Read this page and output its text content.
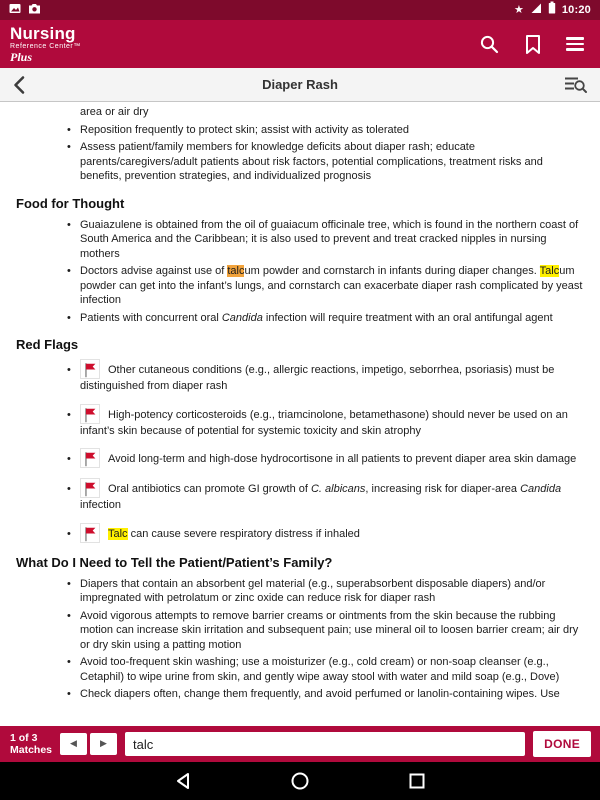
★	10:20
Nursing
Reference Center™
Plus
Diaper Rash
area or air dry
• Reposition frequently to protect skin; assist with activity as tolerated
• Assess patient/family members for knowledge deficits about diaper rash; educate parents/caregivers/adult patients about risk factors, potential complications, treatment risks and benefits, prevention strategies, and individualized prognosis
Food for Thought
• Guaiazulene is obtained from the oil of guaiacum officinale tree, which is found in the northern coast of South America and the Caribbean; it is also used to prevent and treat cracked nipples in nursing mothers
• Doctors advise against use of talcum powder and cornstarch in infants during diaper changes. Talcum powder can get into the infant’s lungs, and cornstarch can exacerbate diaper rash complicated by yeast infection
• Patients with concurrent oral Candida infection will require treatment with an oral antifungal agent
Red Flags
• Other cutaneous conditions (e.g., allergic reactions, impetigo, seborrhea, psoriasis) must be distinguished from diaper rash
• High-potency corticosteroids (e.g., triamcinolone, betamethasone) should never be used on an infant’s skin because of potential for systemic toxicity and skin atrophy
• Avoid long-term and high-dose hydrocortisone in all patients to prevent diaper area skin damage
• Oral antibiotics can promote GI growth of C. albicans, increasing risk for diaper-area Candida infection
• Talc can cause severe respiratory distress if inhaled
What Do I Need to Tell the Patient/Patient’s Family?
• Diapers that contain an absorbent gel material (e.g., superabsorbent disposable diapers) and/or impregnated with petrolatum or zinc oxide can reduce risk for diaper rash
• Avoid vigorous attempts to remove barrier creams or ointments from the skin because the rubbing motion can increase skin irritation and subsequent pain; use mineral oil to loosen barrier cream; air dry or dry skin using a patting motion
• Avoid too-frequent skin washing; use a moisturizer (e.g., cold cream) or non-soap cleanser (e.g., Cetaphil) to wipe urine from skin, and gently wipe away stool with water and mild soap (e.g., Dove)
• Check diapers often, change them frequently, and avoid perfumed or lanolin-containing wipes. Use
1 of 3
Matches ◀	▶
talc	DONE
